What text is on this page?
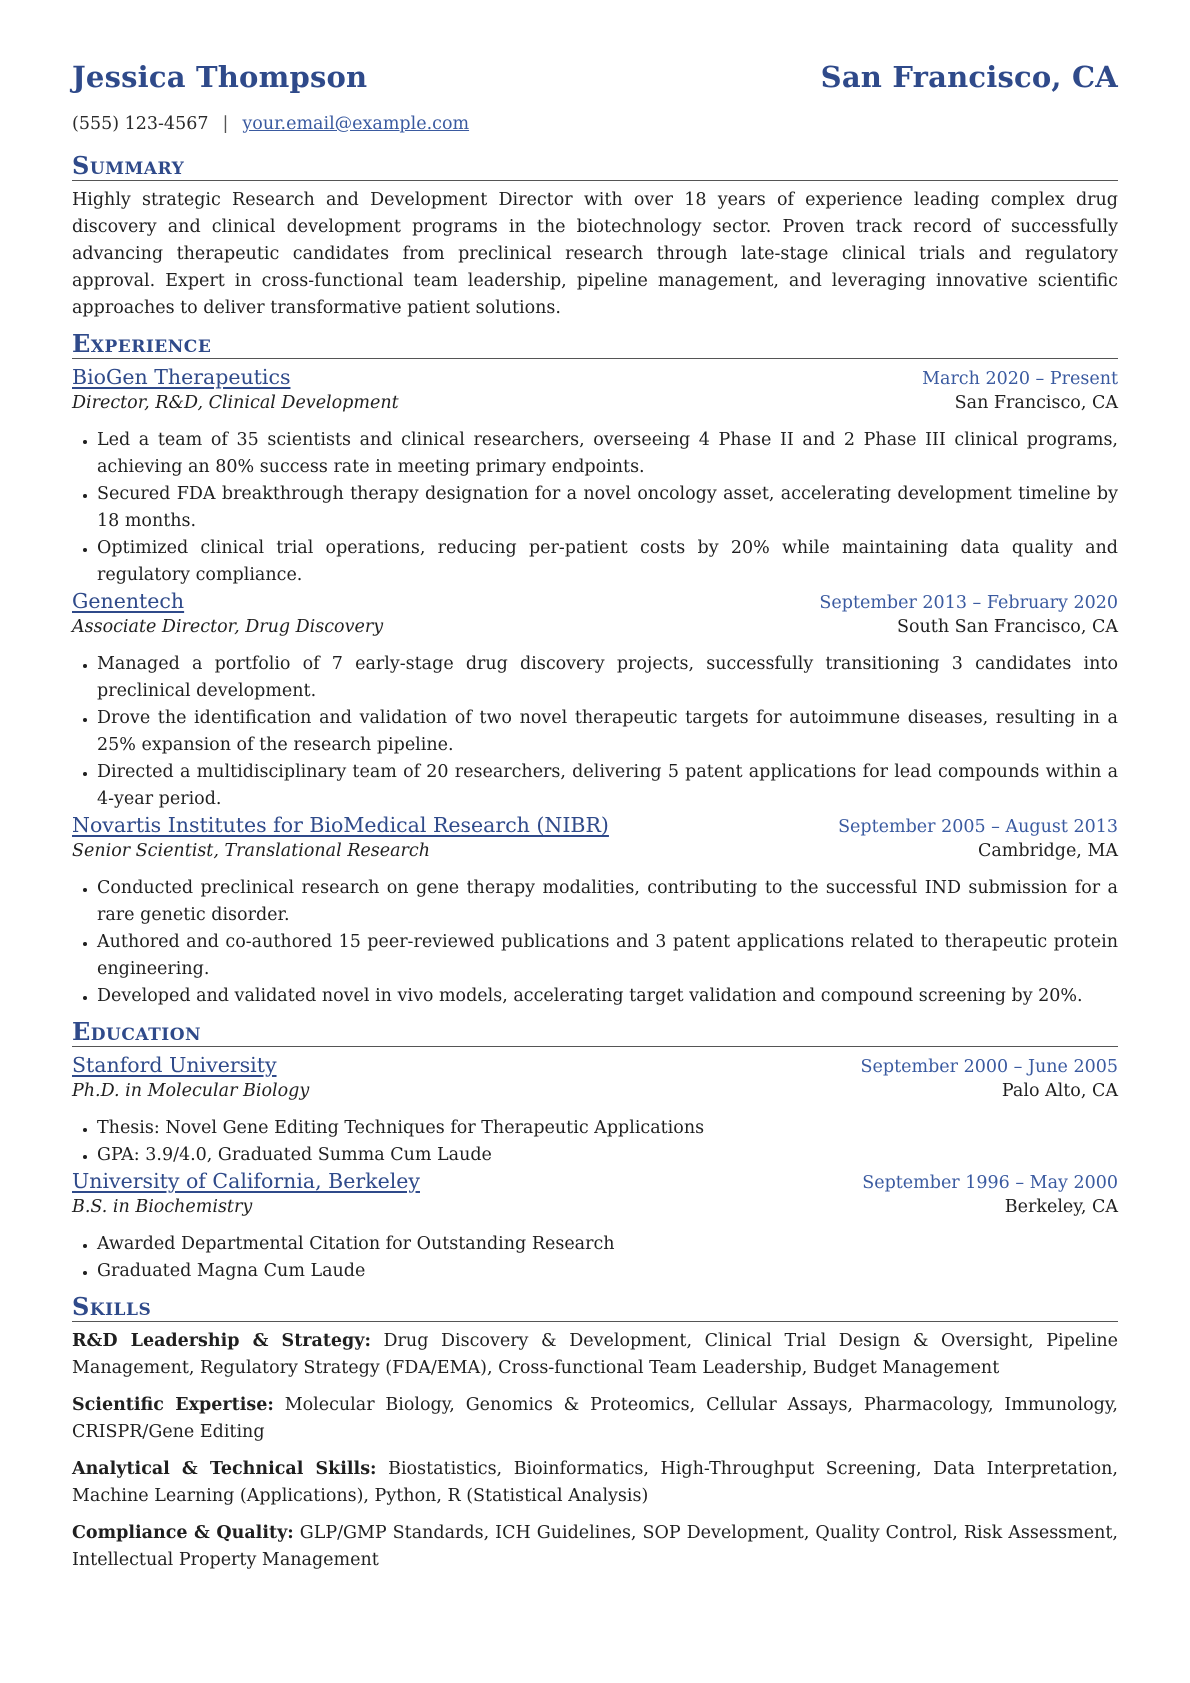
Jessica Thompson	San Francisco, CA
(555) 123-4567 | your.email@example.com
Summary

Highly strategic Research and Development Director with over 18 years of experience leading complex drug discovery and clinical development programs in the biotechnology sector. Proven track record of successfully advancing therapeutic candidates from preclinical research through late-stage clinical trials and regulatory approval. Expert in cross-functional team leadership, pipeline management, and leveraging innovative scientific approaches to deliver transformative patient solutions.

Experience
BioGen Therapeutics	March 2020 – Present
Director, R&D, Clinical Development	San Francisco, CA
• Led a team of 35 scientists and clinical researchers, overseeing 4 Phase II and 2 Phase III clinical programs, achieving an 80% success rate in meeting primary endpoints.
• Secured FDA breakthrough therapy designation for a novel oncology asset, accelerating development timeline by 18 months.
• Optimized clinical trial operations, reducing per-patient costs by 20% while maintaining data quality and regulatory compliance.
Genentech	September 2013 – February 2020
Associate Director, Drug Discovery	South San Francisco, CA
• Managed a portfolio of 7 early-stage drug discovery projects, successfully transitioning 3 candidates into preclinical development.
• Drove the identification and validation of two novel therapeutic targets for autoimmune diseases, resulting in a 25% expansion of the research pipeline.
• Directed a multidisciplinary team of 20 researchers, delivering 5 patent applications for lead compounds within a 4-year period.
Novartis Institutes for BioMedical Research (NIBR)	September 2005 – August 2013
Senior Scientist, Translational Research	Cambridge, MA
• Conducted preclinical research on gene therapy modalities, contributing to the successful IND submission for a rare genetic disorder.
• Authored and co-authored 15 peer-reviewed publications and 3 patent applications related to therapeutic protein engineering.
• Developed and validated novel in vivo models, accelerating target validation and compound screening by 20%.
Education
Stanford University	September 2000 – June 2005
Ph.D. in Molecular Biology	Palo Alto, CA
• Thesis: Novel Gene Editing Techniques for Therapeutic Applications
• GPA: 3.9/4.0, Graduated Summa Cum Laude
University of California, Berkeley	September 1996 – May 2000
B.S. in Biochemistry	Berkeley, CA
• Awarded Departmental Citation for Outstanding Research
• Graduated Magna Cum Laude
Skills

R&D Leadership & Strategy: Drug Discovery & Development, Clinical Trial Design & Oversight, Pipeline Management, Regulatory Strategy (FDA/EMA), Cross-functional Team Leadership, Budget Management

Scientific Expertise: Molecular Biology, Genomics & Proteomics, Cellular Assays, Pharmacology, Immunology, CRISPR/Gene Editing

Analytical & Technical Skills: Biostatistics, Bioinformatics, High-Throughput Screening, Data Interpretation, Machine Learning (Applications), Python, R (Statistical Analysis)

Compliance & Quality: GLP/GMP Standards, ICH Guidelines, SOP Development, Quality Control, Risk Assessment, Intellectual Property Management
